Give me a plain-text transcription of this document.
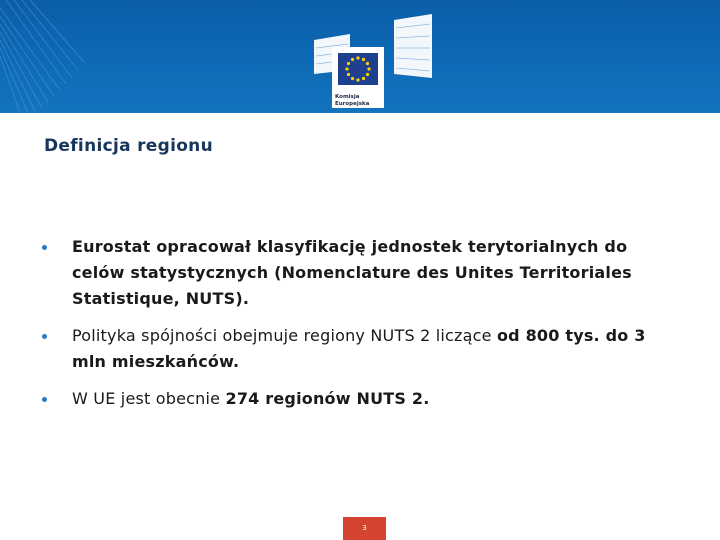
Komisja
Europejska
Definicja regionu
Eurostat opracował klasyfikację jednostek terytorialnych do celów statystycznych (Nomenclature des Unites Territoriales Statistique, NUTS).
Polityka spójności obejmuje regiony NUTS 2 liczące od 800 tys. do 3 mln mieszkańców.
W UE jest obecnie 274 regionów NUTS 2.
3
